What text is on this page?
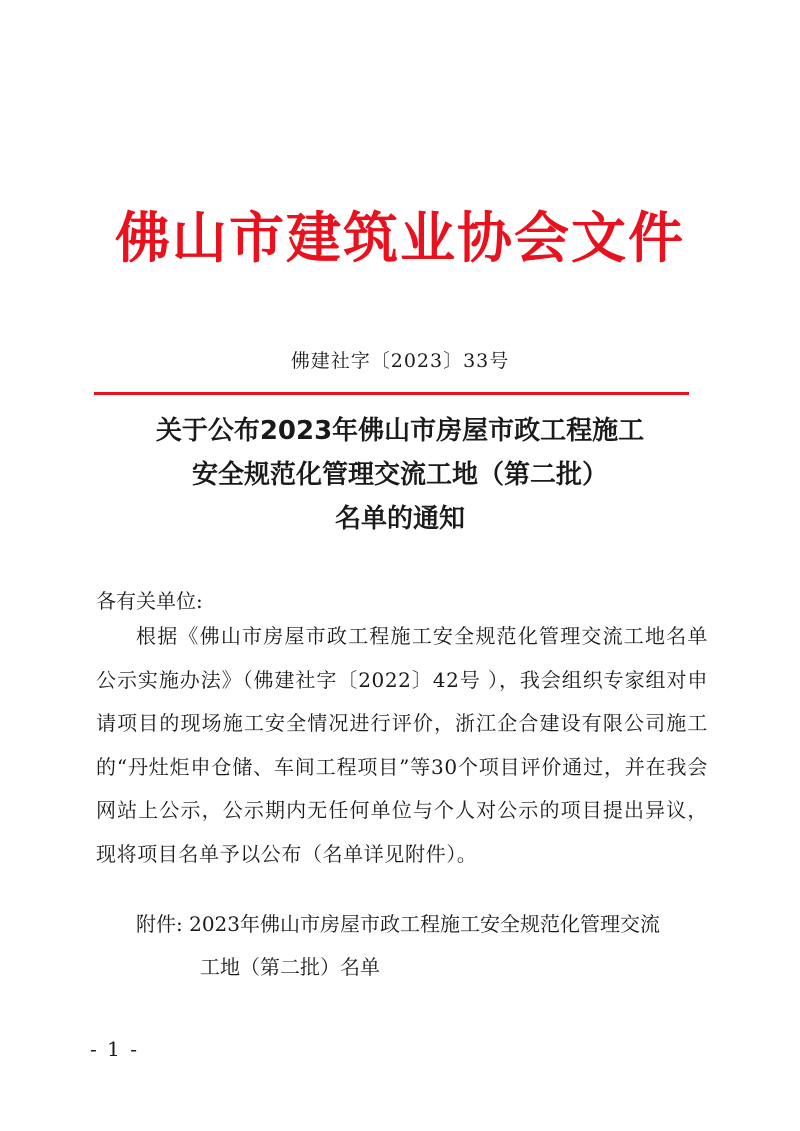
佛山市建筑业协会文件
佛建社字〔2023〕33号
关于公布2023年佛山市房屋市政工程施工
安全规范化管理交流工地（第二批）
名单的通知
各有关单位:

根据《佛山市房屋市政工程施工安全规范化管理交流工地名单公示实施办法》（佛建社字〔2022〕42号 ），我会组织专家组对申请项目的现场施工安全情况进行评价，浙江企合建设有限公司施工的“丹灶炬申仓储、车间工程项目”等30个项目评价通过，并在我会网站上公示，公示期内无任何单位与个人对公示的项目提出异议，现将项目名单予以公布（名单详见附件）。

附件: 2023年佛山市房屋市政工程施工安全规范化管理交流
工地（第二批）名单
- 1 -
